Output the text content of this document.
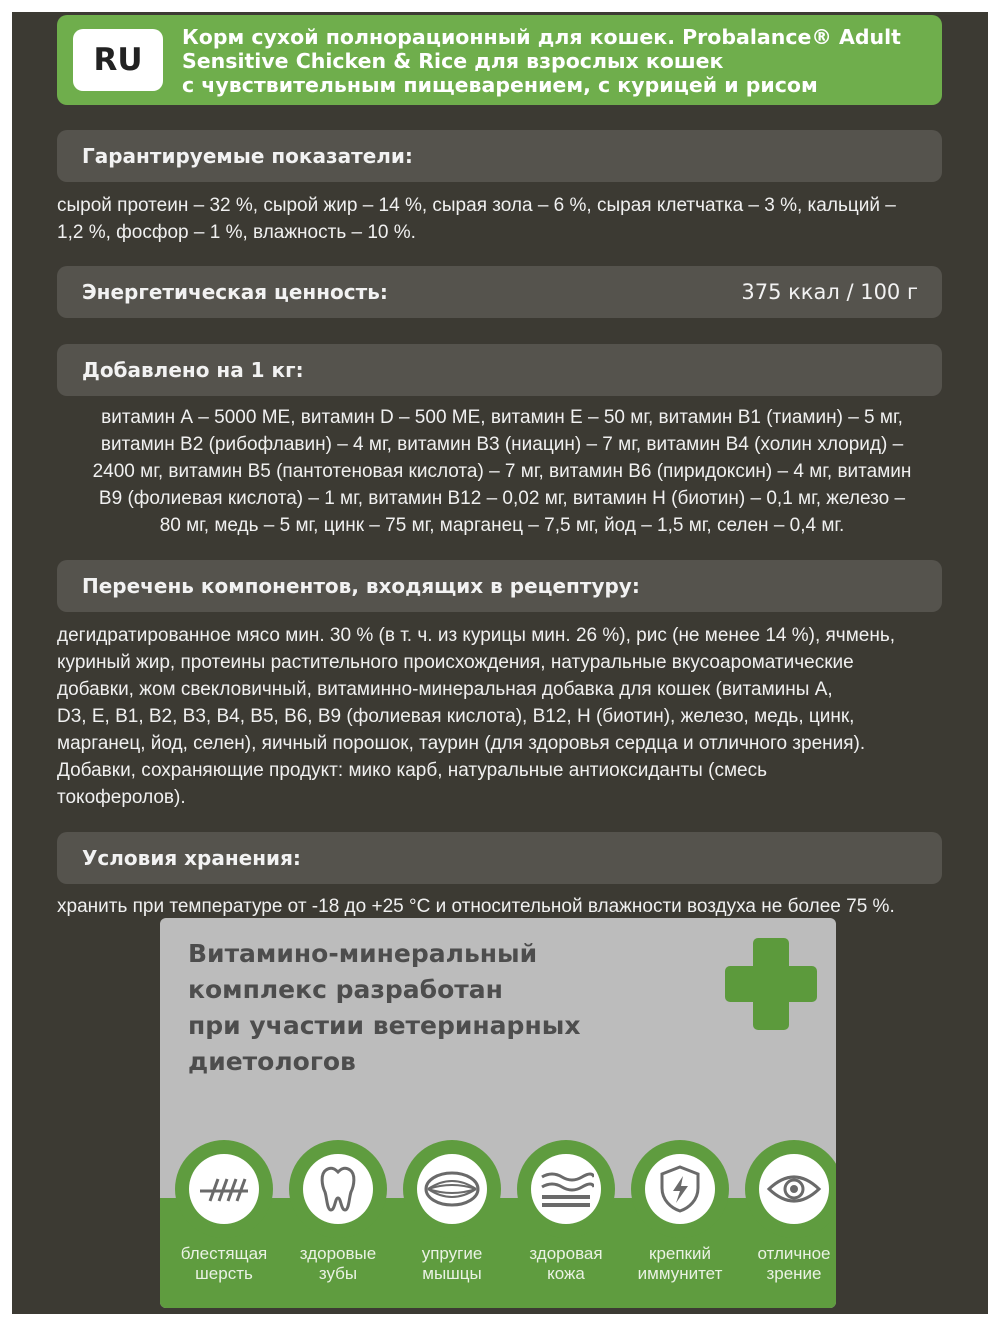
RU
Корм сухой полнорационный для кошек. Probalance® Adult
Sensitive Chicken & Rice для взрослых кошек
с чувствительным пищеварением, с курицей и рисом
Гарантируемые показатели:
сырой протеин – 32 %, сырой жир – 14 %, сырая зола – 6 %, сырая клетчатка – 3 %, кальций –
1,2 %, фосфор – 1 %, влажность – 10 %.
Энергетическая ценность:	375 ккал / 100 г
Добавлено на 1 кг:
витамин А – 5000 МЕ, витамин D – 500 МЕ, витамин Е – 50 мг, витамин В1 (тиамин) – 5 мг,
витамин В2 (рибофлавин) – 4 мг, витамин В3 (ниацин) – 7 мг, витамин В4 (холин хлорид) –
2400 мг, витамин В5 (пантотеновая кислота) – 7 мг, витамин В6 (пиридоксин) – 4 мг, витамин
В9 (фолиевая кислота) – 1 мг, витамин В12 – 0,02 мг, витамин Н (биотин) – 0,1 мг, железо –
80 мг, медь – 5 мг, цинк – 75 мг, марганец – 7,5 мг, йод – 1,5 мг, селен – 0,4 мг.
Перечень компонентов, входящих в рецептуру:
дегидратированное мясо мин. 30 % (в т. ч. из курицы мин. 26 %), рис (не менее 14 %), ячмень,
куриный жир, протеины растительного происхождения, натуральные вкусоароматические
добавки, жом свекловичный, витаминно-минеральная добавка для кошек (витамины А,
D3, Е, В1, В2, В3, В4, В5, В6, В9 (фолиевая кислота), В12, Н (биотин), железо, медь, цинк,
марганец, йод, селен), яичный порошок, таурин (для здоровья сердца и отличного зрения).
Добавки, сохраняющие продукт: мико карб, натуральные антиоксиданты (смесь
токоферолов).
Условия хранения:
хранить при температуре от -18 до +25 °С и относительной влажности воздуха не более 75 %.
Витамино-минеральный
комплекс разработан
при участии ветеринарных
диетологов
блестящая
шерсть
здоровые
зубы
упругие
мышцы
здоровая
кожа
крепкий
иммунитет
отличное
зрение
